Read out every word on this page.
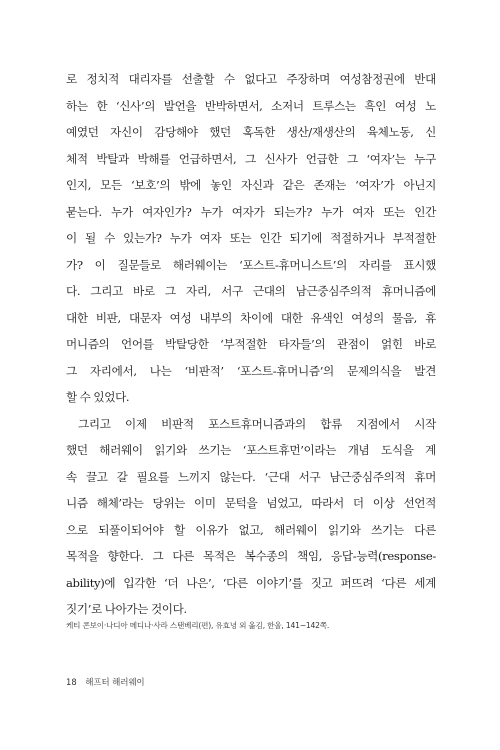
로 정치적 대리자를 선출할 수 없다고 주장하며 여성참정권에 반대
하는 한 ‘신사’의 발언을 반박하면서, 소저너 트루스는 흑인 여성 노
예였던 자신이 감당해야 했던 혹독한 생산/재생산의 육체노동, 신
체적 박탈과 박해를 언급하면서, 그 신사가 언급한 그 ‘여자’는 누구
인지, 모든 ‘보호’의 밖에 놓인 자신과 같은 존재는 ‘여자’가 아닌지
묻는다. 누가 여자인가? 누가 여자가 되는가? 누가 여자 또는 인간
이 될 수 있는가? 누가 여자 또는 인간 되기에 적절하거나 부적절한
가? 이 질문들로 해러웨이는 ‘포스트-휴머니스트’의 자리를 표시했
다. 그리고 바로 그 자리, 서구 근대의 남근중심주의적 휴머니즘에
대한 비판, 대문자 여성 내부의 차이에 대한 유색인 여성의 물음, 휴
머니즘의 언어를 박탈당한 ‘부적절한 타자들’의 관점이 얽힌 바로
그 자리에서, 나는 ‘비판적’ ‘포스트-휴머니즘’의 문제의식을 발견
할 수 있었다.
그리고 이제 비판적 포스트휴머니즘과의 합류 지점에서 시작
했던 해러웨이 읽기와 쓰기는 ‘포스트휴먼’이라는 개념 도식을 계
속 끌고 갈 필요를 느끼지 않는다. ‘근대 서구 남근중심주의적 휴머
니즘 해체’라는 당위는 이미 문턱을 넘었고, 따라서 더 이상 선언적
으로 되풀이되어야 할 이유가 없고, 해러웨이 읽기와 쓰기는 다른
목적을 향한다. 그 다른 목적은 복수종의 책임, 응답-능력(response-
ability)에 입각한 ‘더 나은’, ‘다른 이야기’를 짓고 퍼뜨려 ‘다른 세계
짓기’로 나아가는 것이다.
케티 콘보이·나디아 메디나·사라 스탠베리(편), 유효녕 외 옮김, 한울, 141~142쪽.
18 해프터 해러웨이
